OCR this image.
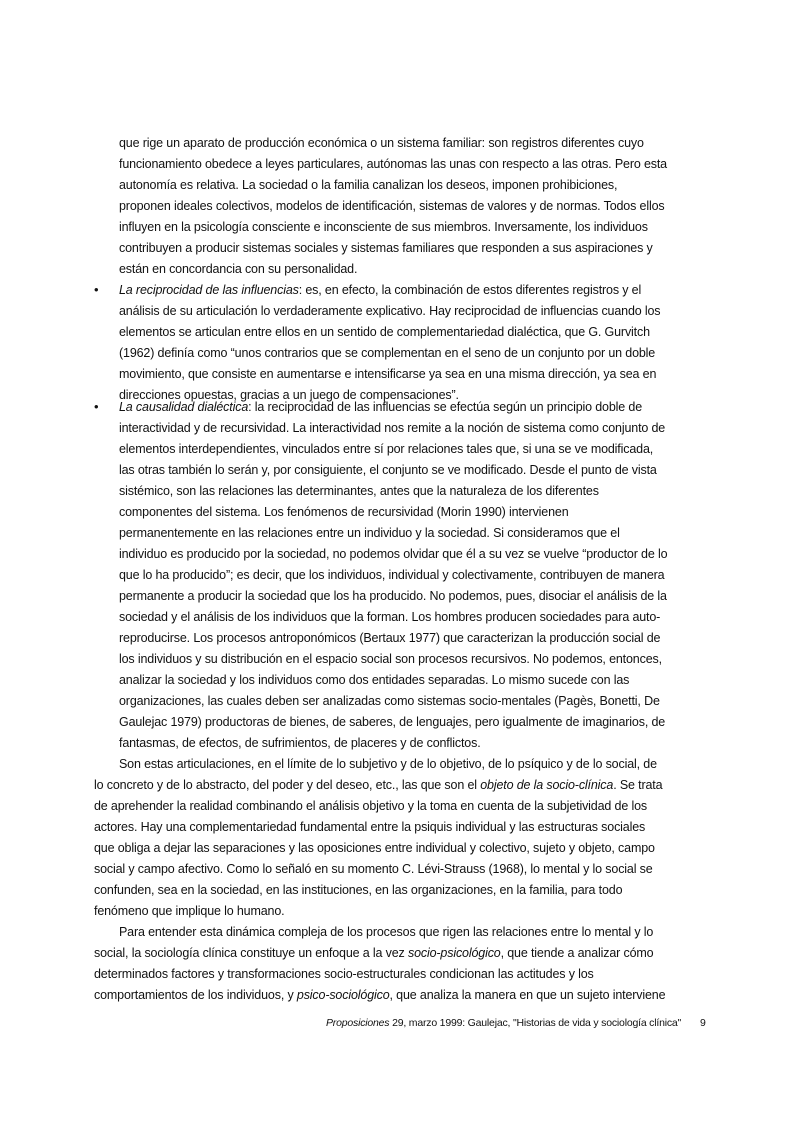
que rige un aparato de producción económica o un sistema familiar: son registros diferentes cuyo
funcionamiento obedece a leyes particulares, autónomas las unas con respecto a las otras. Pero esta
autonomía es relativa. La sociedad o la familia canalizan los deseos, imponen prohibiciones,
proponen ideales colectivos, modelos de identificación, sistemas de valores y de normas. Todos ellos
influyen en la psicología consciente e inconsciente de sus miembros. Inversamente, los individuos
contribuyen a producir sistemas sociales y sistemas familiares que responden a sus aspiraciones y
están en concordancia con su personalidad.
• La reciprocidad de las influencias: es, en efecto, la combinación de estos diferentes registros y el
análisis de su articulación lo verdaderamente explicativo. Hay reciprocidad de influencias cuando los
elementos se articulan entre ellos en un sentido de complementariedad dialéctica, que G. Gurvitch
(1962) definía como “unos contrarios que se complementan en el seno de un conjunto por un doble
movimiento, que consiste en aumentarse e intensificarse ya sea en una misma dirección, ya sea en
direcciones opuestas, gracias a un juego de compensaciones”.
• La causalidad dialéctica: la reciprocidad de las influencias se efectúa según un principio doble de
interactividad y de recursividad. La interactividad nos remite a la noción de sistema como conjunto de
elementos interdependientes, vinculados entre sí por relaciones tales que, si una se ve modificada,
las otras también lo serán y, por consiguiente, el conjunto se ve modificado. Desde el punto de vista
sistémico, son las relaciones las determinantes, antes que la naturaleza de los diferentes
componentes del sistema. Los fenómenos de recursividad (Morin 1990) intervienen
permanentemente en las relaciones entre un individuo y la sociedad. Si consideramos que el
individuo es producido por la sociedad, no podemos olvidar que él a su vez se vuelve “productor de lo
que lo ha producido”; es decir, que los individuos, individual y colectivamente, contribuyen de manera
permanente a producir la sociedad que los ha producido. No podemos, pues, disociar el análisis de la
sociedad y el análisis de los individuos que la forman. Los hombres producen sociedades para auto-
reproducirse. Los procesos antroponómicos (Bertaux 1977) que caracterizan la producción social de
los individuos y su distribución en el espacio social son procesos recursivos. No podemos, entonces,
analizar la sociedad y los individuos como dos entidades separadas. Lo mismo sucede con las
organizaciones, las cuales deben ser analizadas como sistemas socio-mentales (Pagès, Bonetti, De
Gaulejac 1979) productoras de bienes, de saberes, de lenguajes, pero igualmente de imaginarios, de
fantasmas, de efectos, de sufrimientos, de placeres y de conflictos.
Son estas articulaciones, en el límite de lo subjetivo y de lo objetivo, de lo psíquico y de lo social, de
lo concreto y de lo abstracto, del poder y del deseo, etc., las que son el objeto de la socio-clínica. Se trata
de aprehender la realidad combinando el análisis objetivo y la toma en cuenta de la subjetividad de los
actores. Hay una complementariedad fundamental entre la psiquis individual y las estructuras sociales
que obliga a dejar las separaciones y las oposiciones entre individual y colectivo, sujeto y objeto, campo
social y campo afectivo. Como lo señaló en su momento C. Lévi-Strauss (1968), lo mental y lo social se
confunden, sea en la sociedad, en las instituciones, en las organizaciones, en la familia, para todo
fenómeno que implique lo humano.
Para entender esta dinámica compleja de los procesos que rigen las relaciones entre lo mental y lo
social, la sociología clínica constituye un enfoque a la vez socio-psicológico, que tiende a analizar cómo
determinados factores y transformaciones socio-estructurales condicionan las actitudes y los
comportamientos de los individuos, y psico-sociológico, que analiza la manera en que un sujeto interviene
Proposiciones 29, marzo 1999: Gaulejac, "Historias de vida y sociología clínica" 9
